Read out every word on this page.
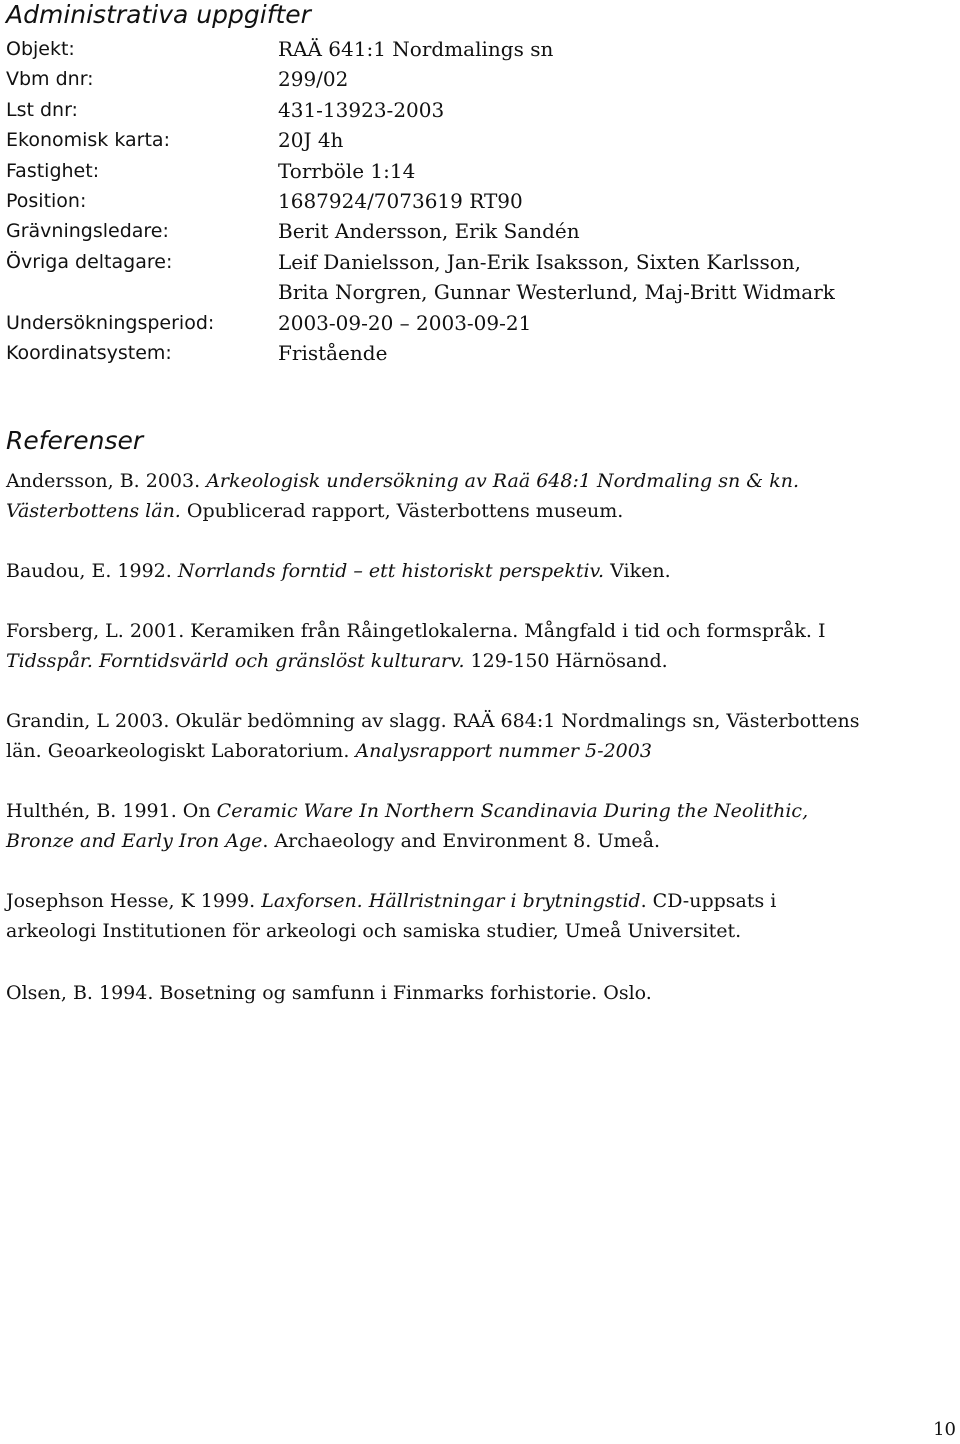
Administrativa uppgifter
Objekt:	RAÄ 641:1 Nordmalings sn
Vbm dnr:	299/02
Lst dnr:	431-13923-2003
Ekonomisk karta:	20J 4h
Fastighet:	Torrböle 1:14
Position:	1687924/7073619 RT90
Grävningsledare:	Berit Andersson, Erik Sandén
Övriga deltagare:	Leif Danielsson, Jan-Erik Isaksson, Sixten Karlsson,
Brita Norgren, Gunnar Westerlund, Maj-Britt Widmark
Undersökningsperiod:	2003-09-20 – 2003-09-21
Koordinatsystem:	Fristående
Referenser

Andersson, B. 2003. Arkeologisk undersökning av Raä 648:1 Nordmaling sn & kn.
Västerbottens län. Opublicerad rapport, Västerbottens museum.

Baudou, E. 1992. Norrlands forntid – ett historiskt perspektiv. Viken.

Forsberg, L. 2001. Keramiken från Råingetlokalerna. Mångfald i tid och formspråk. I
Tidsspår. Forntidsvärld och gränslöst kulturarv. 129-150 Härnösand.

Grandin, L 2003. Okulär bedömning av slagg. RAÄ 684:1 Nordmalings sn, Västerbottens
län. Geoarkeologiskt Laboratorium. Analysrapport nummer 5-2003

Hulthén, B. 1991. On Ceramic Ware In Northern Scandinavia During the Neolithic,
Bronze and Early Iron Age. Archaeology and Environment 8. Umeå.

Josephson Hesse, K 1999. Laxforsen. Hällristningar i brytningstid. CD-uppsats i
arkeologi Institutionen för arkeologi och samiska studier, Umeå Universitet.

Olsen, B. 1994. Bosetning og samfunn i Finmarks forhistorie. Oslo.

10
